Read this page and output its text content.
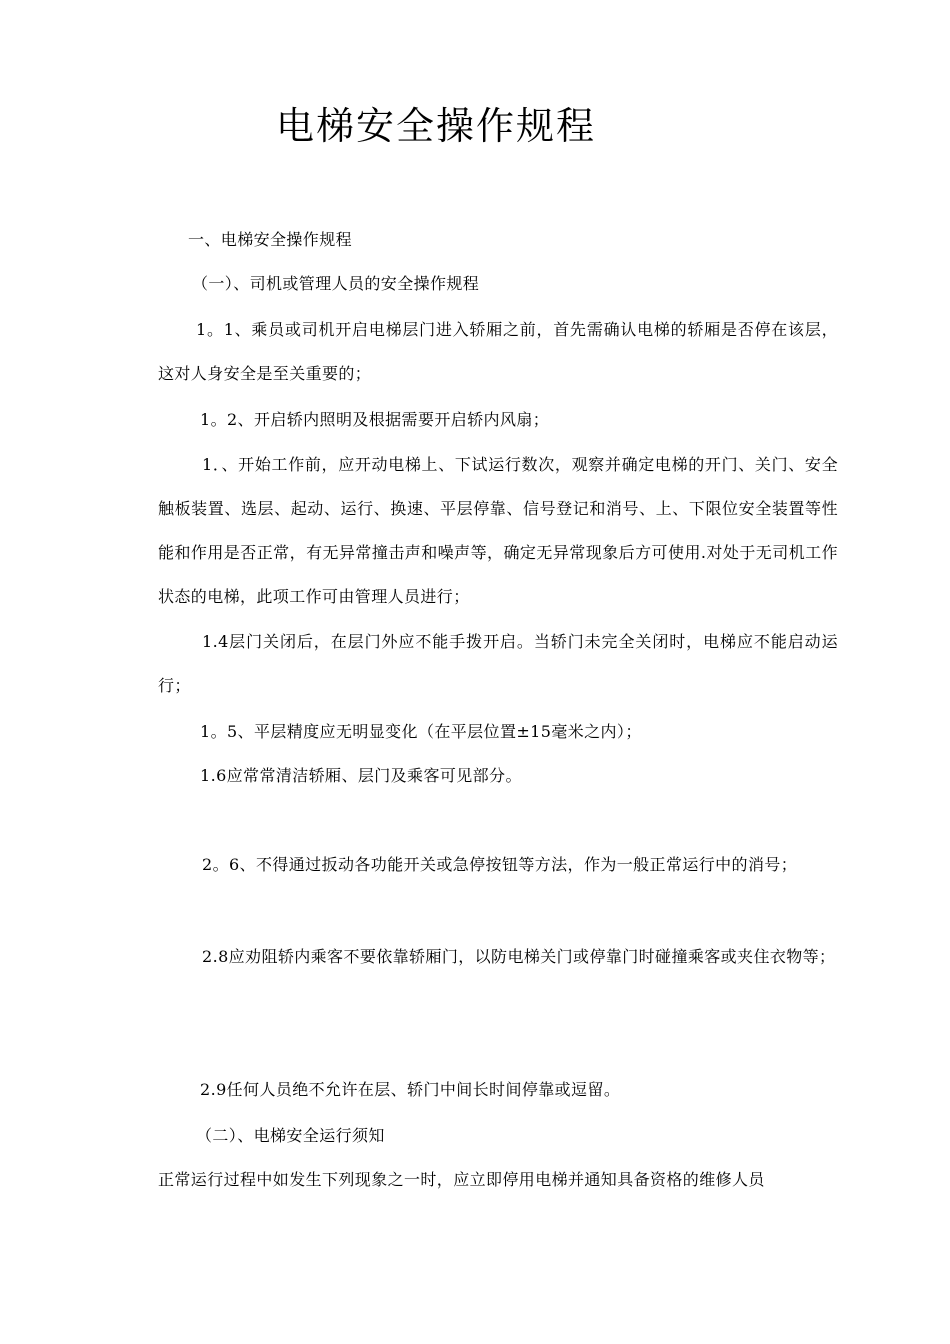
电梯安全操作规程
一、电梯安全操作规程
（一）、司机或管理人员的安全操作规程
1。1、乘员或司机开启电梯层门进入轿厢之前，首先需确认电梯的轿厢是否停在该层，这对人身安全是至关重要的；
1。2、开启轿内照明及根据需要开启轿内风扇；
1．、开始工作前，应开动电梯上、下试运行数次，观察并确定电梯的开门、关门、安全触板装置、选层、起动、运行、换速、平层停靠、信号登记和消号、上、下限位安全装置等性能和作用是否正常，有无异常撞击声和噪声等，确定无异常现象后方可使用.对处于无司机工作状态的电梯，此项工作可由管理人员进行；
1.4层门关闭后，在层门外应不能手拨开启。当轿门未完全关闭时，电梯应不能启动运行；
1。5、平层精度应无明显变化（在平层位置±15毫米之内）；
1.6应常常清洁轿厢、层门及乘客可见部分。
2。6、不得通过扳动各功能开关或急停按钮等方法，作为一般正常运行中的消号；
2.8应劝阻轿内乘客不要依靠轿厢门，以防电梯关门或停靠门时碰撞乘客或夹住衣物等；
2.9任何人员绝不允许在层、轿门中间长时间停靠或逗留。
（二）、电梯安全运行须知
正常运行过程中如发生下列现象之一时，应立即停用电梯并通知具备资格的维修人员
